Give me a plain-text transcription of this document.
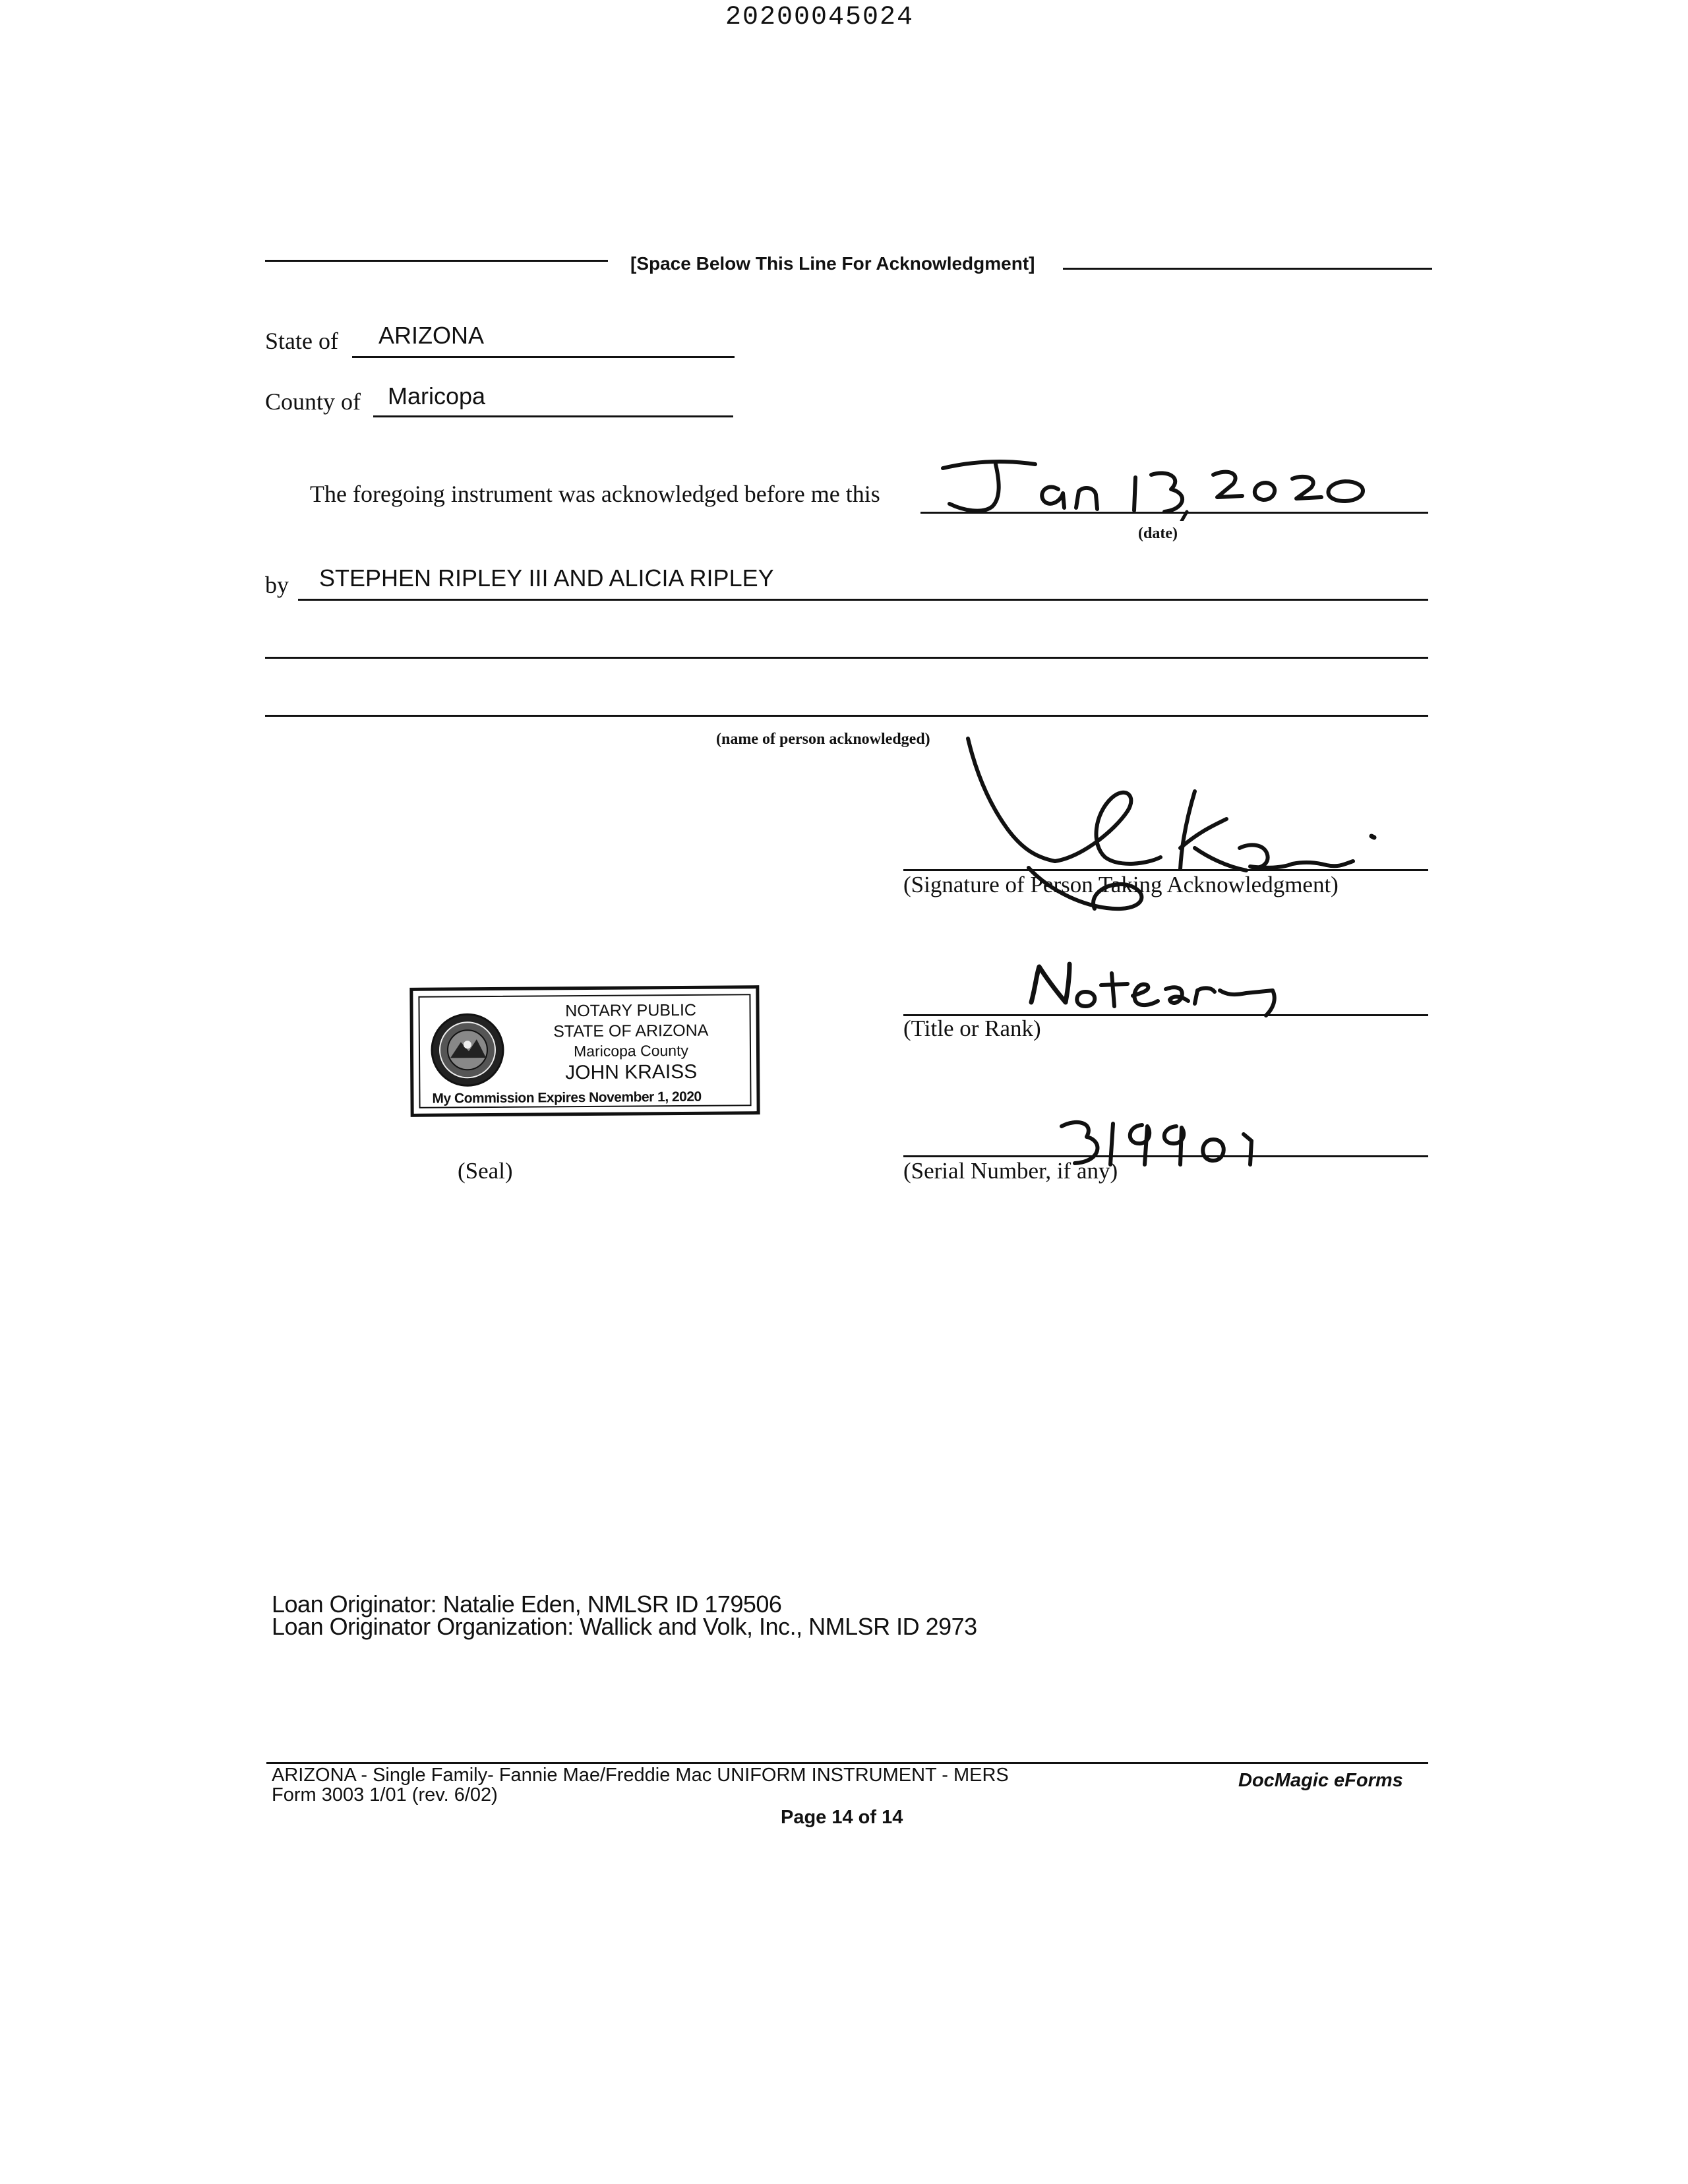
20200045024
[Space Below This Line For Acknowledgment]
State of ARIZONA
County of Maricopa
The foregoing instrument was acknowledged before me this
(date)
by STEPHEN RIPLEY III AND ALICIA RIPLEY
(name of person acknowledged)
(Signature of Person Taking Acknowledgment)
(Title or Rank)
NOTARY PUBLIC
STATE OF ARIZONA
Maricopa County
JOHN KRAISS
My Commission Expires November 1, 2020
(Serial Number, if any)
(Seal)
Loan Originator: Natalie Eden, NMLSR ID 179506
Loan Originator Organization: Wallick and Volk, Inc., NMLSR ID 2973
ARIZONA - Single Family- Fannie Mae/Freddie Mac UNIFORM INSTRUMENT - MERS
Form 3003 1/01 (rev. 6/02)
DocMagic eForms
Page 14 of 14
